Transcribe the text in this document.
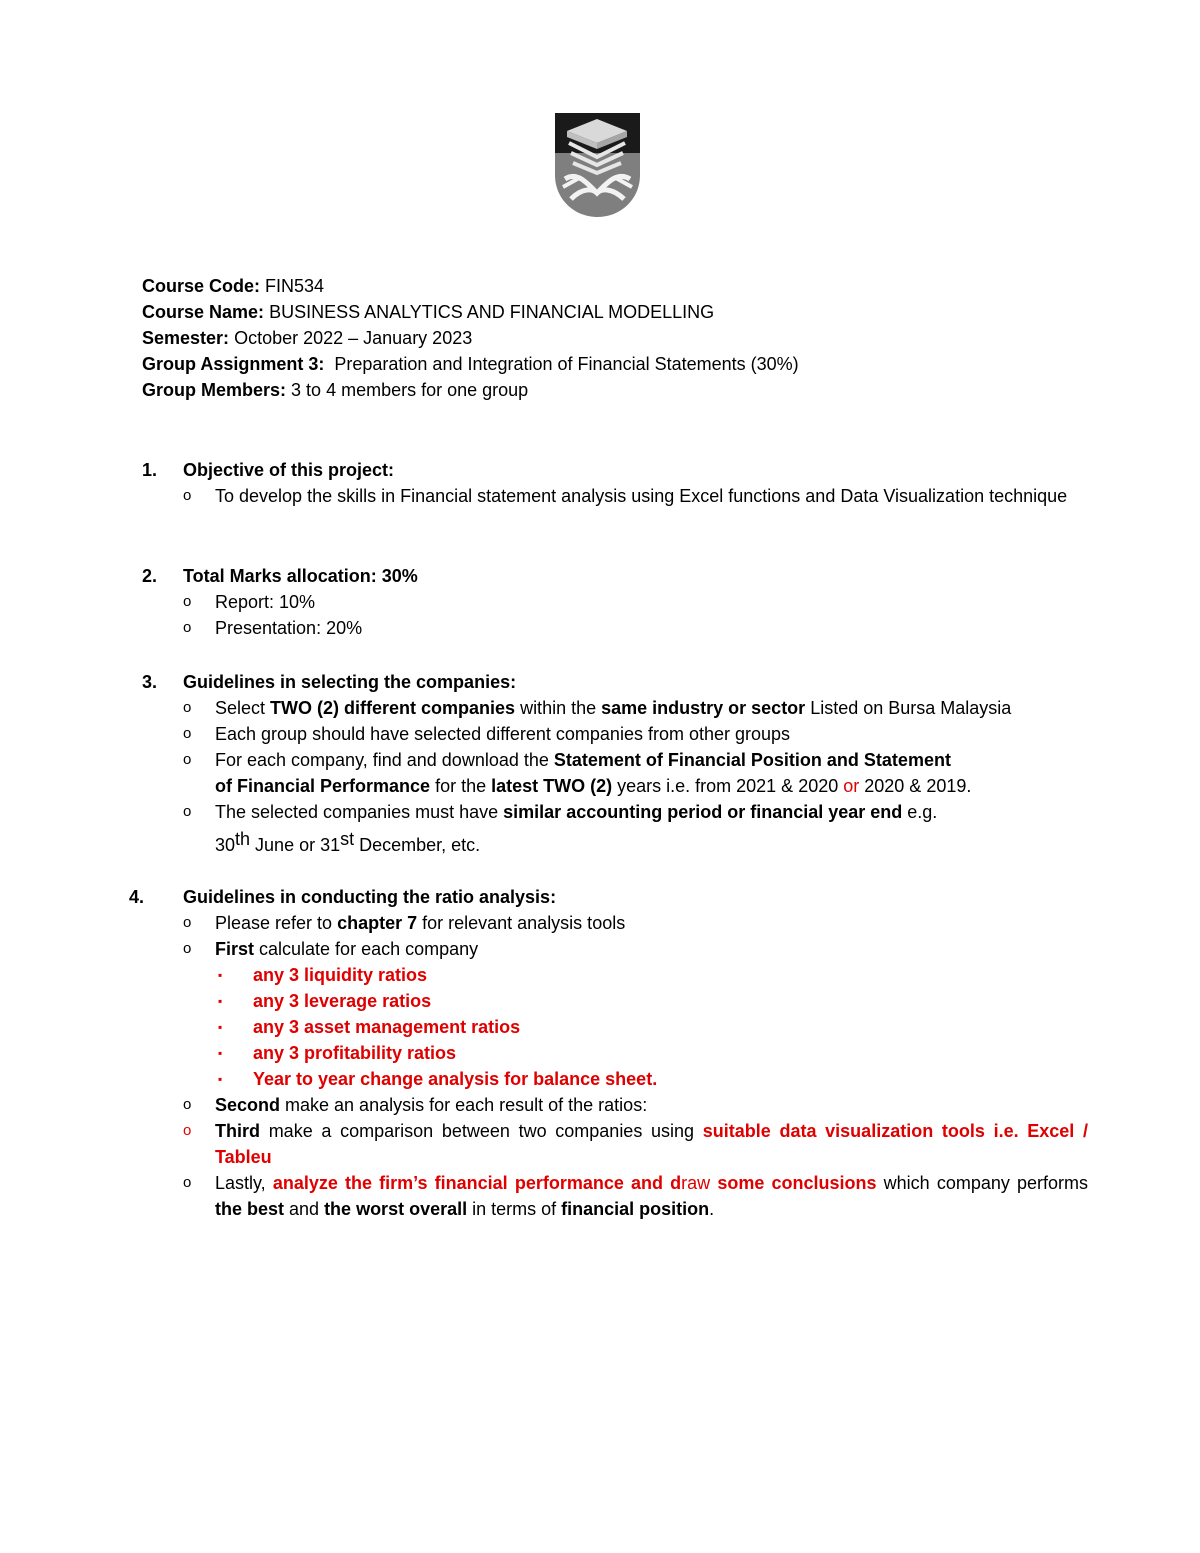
Course Code: FIN534
Course Name: BUSINESS ANALYTICS AND FINANCIAL MODELLING
Semester: October 2022 – January 2023
Group Assignment 3: Preparation and Integration of Financial Statements (30%)
Group Members: 3 to 4 members for one group
1. Objective of this project:
o To develop the skills in Financial statement analysis using Excel functions and Data Visualization technique
2. Total Marks allocation: 30%
o Report: 10%
o Presentation: 20%
3. Guidelines in selecting the companies:
o Select TWO (2) different companies within the same industry or sector Listed on Bursa Malaysia
o Each group should have selected different companies from other groups
o For each company, find and download the Statement of Financial Position and Statement
of Financial Performance for the latest TWO (2) years i.e. from 2021 & 2020 or 2020 & 2019.
o The selected companies must have similar accounting period or financial year end e.g.
30th June or 31st December, etc.
4. Guidelines in conducting the ratio analysis:
o Please refer to chapter 7 for relevant analysis tools
o First calculate for each company
▪ any 3 liquidity ratios
▪ any 3 leverage ratios
▪ any 3 asset management ratios
▪ any 3 profitability ratios
▪ Year to year change analysis for balance sheet.
o Second make an analysis for each result of the ratios:
o Third make a comparison between two companies using suitable data visualization tools i.e. Excel / Tableu
o Lastly, analyze the firm’s financial performance and draw some conclusions which company performs the best and the worst overall in terms of financial position.
